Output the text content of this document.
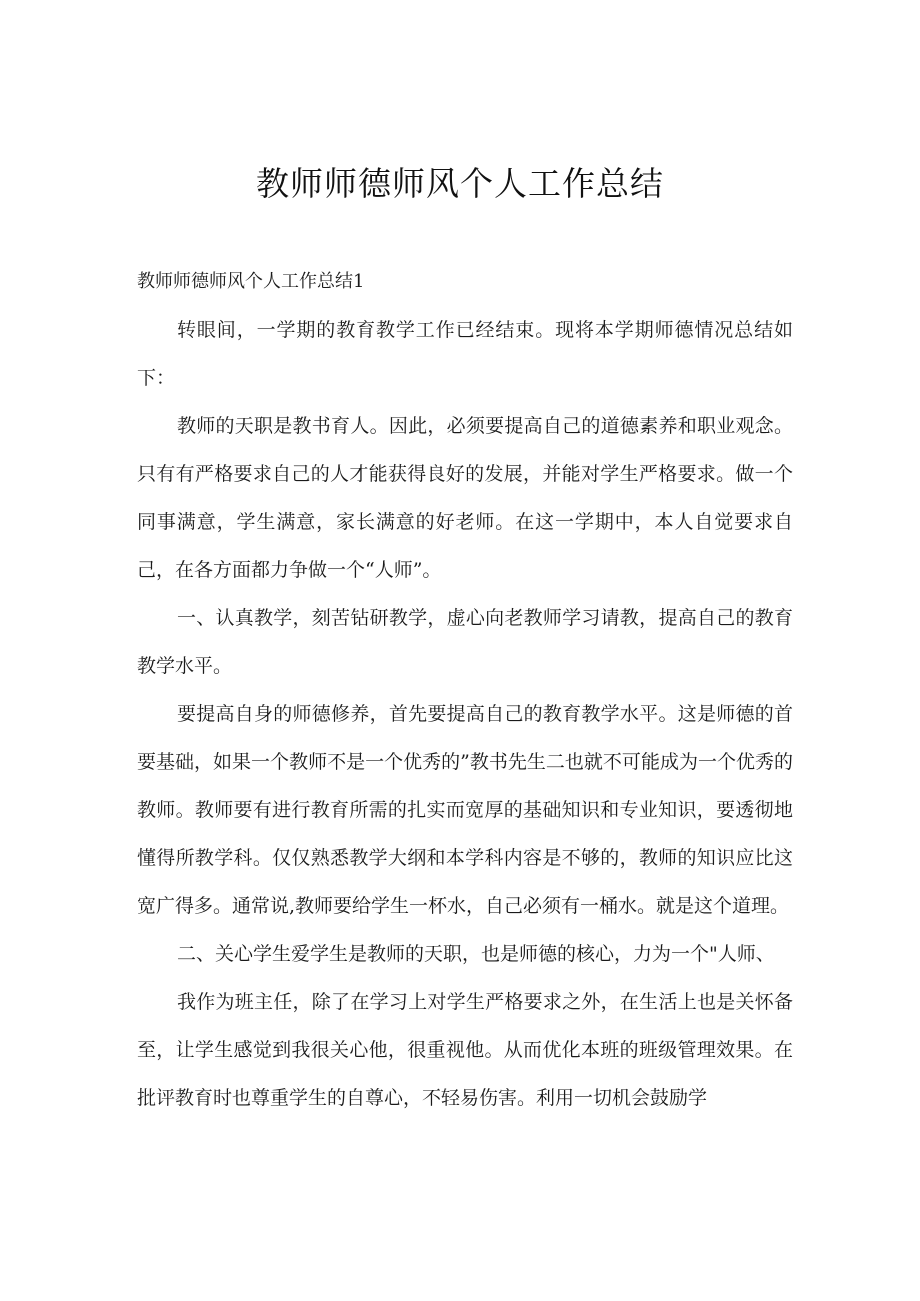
教师师德师风个人工作总结

教师师德师风个人工作总结1

转眼间，一学期的教育教学工作已经结束。现将本学期师德情况总结如下：

教师的天职是教书育人。因此，必须要提高自己的道德素养和职业观念。只有有严格要求自己的人才能获得良好的发展，并能对学生严格要求。做一个同事满意，学生满意，家长满意的好老师。在这一学期中，本人自觉要求自己，在各方面都力争做一个“人师”。

一、认真教学，刻苦钻研教学，虚心向老教师学习请教，提高自己的教育教学水平。

要提高自身的师德修养，首先要提高自己的教育教学水平。这是师德的首要基础，如果一个教师不是一个优秀的”教书先生二也就不可能成为一个优秀的教师。教师要有进行教育所需的扎实而宽厚的基础知识和专业知识，要透彻地懂得所教学科。仅仅熟悉教学大纲和本学科内容是不够的，教师的知识应比这宽广得多。通常说,教师要给学生一杯水，自己必须有一桶水。就是这个道理。

二、关心学生爱学生是教师的天职，也是师德的核心，力为一个"人师、

我作为班主任，除了在学习上对学生严格要求之外，在生活上也是关怀备至，让学生感觉到我很关心他，很重视他。从而优化本班的班级管理效果。在批评教育时也尊重学生的自尊心，不轻易伤害。利用一切机会鼓励学
